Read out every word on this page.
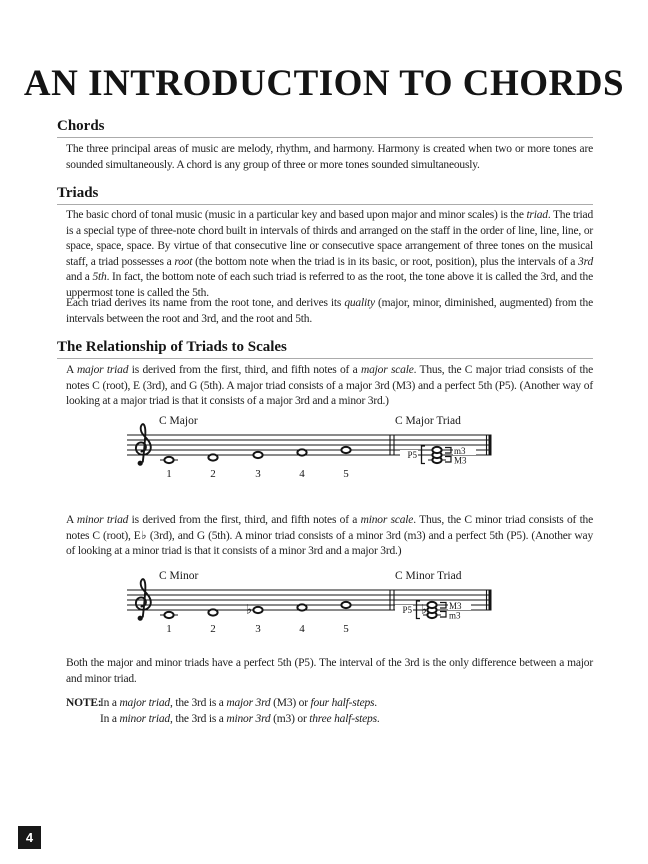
AN INTRODUCTION TO CHORDS
Chords
The three principal areas of music are melody, rhythm, and harmony. Harmony is created when two or more tones are sounded simultaneously. A chord is any group of three or more tones sounded simultaneously.
Triads
The basic chord of tonal music (music in a particular key and based upon major and minor scales) is the triad. The triad is a special type of three-note chord built in intervals of thirds and arranged on the staff in the order of line, line, line, or space, space, space. By virtue of that consecutive line or consecutive space arrangement of three tones on the musical staff, a triad possesses a root (the bottom note when the triad is in its basic, or root, position), plus the intervals of a 3rd and a 5th. In fact, the bottom note of each such triad is referred to as the root, the tone above it is called the 3rd, and the uppermost tone is called the 5th.
Each triad derives its name from the root tone, and derives its quality (major, minor, diminished, augmented) from the intervals between the root and 3rd, and the root and 5th.
The Relationship of Triads to Scales
A major triad is derived from the first, third, and fifth notes of a major scale. Thus, the C major triad consists of the notes C (root), E (3rd), and G (5th). A major triad consists of a major 3rd (M3) and a perfect 5th (P5). (Another way of looking at a major triad is that it consists of a major 3rd and a minor 3rd.)
C Major	C Major Triad
1	2	3	4	5
P5	m3
M3
A minor triad is derived from the first, third, and fifth notes of a minor scale. Thus, the C minor triad consists of the notes C (root), E♭ (3rd), and G (5th). A minor triad consists of a minor 3rd (m3) and a perfect 5th (P5). (Another way of looking at a minor triad is that it consists of a minor 3rd and a major 3rd.)
C Minor	C Minor Triad
♭
1	2	3	4	5
P5 ♭ M3
m3
Both the major and minor triads have a perfect 5th (P5). The interval of the 3rd is the only difference between a major and minor triad.
NOTE:
In a major triad, the 3rd is a major 3rd (M3) or four half-steps.
In a minor triad, the 3rd is a minor 3rd (m3) or three half-steps.
4
